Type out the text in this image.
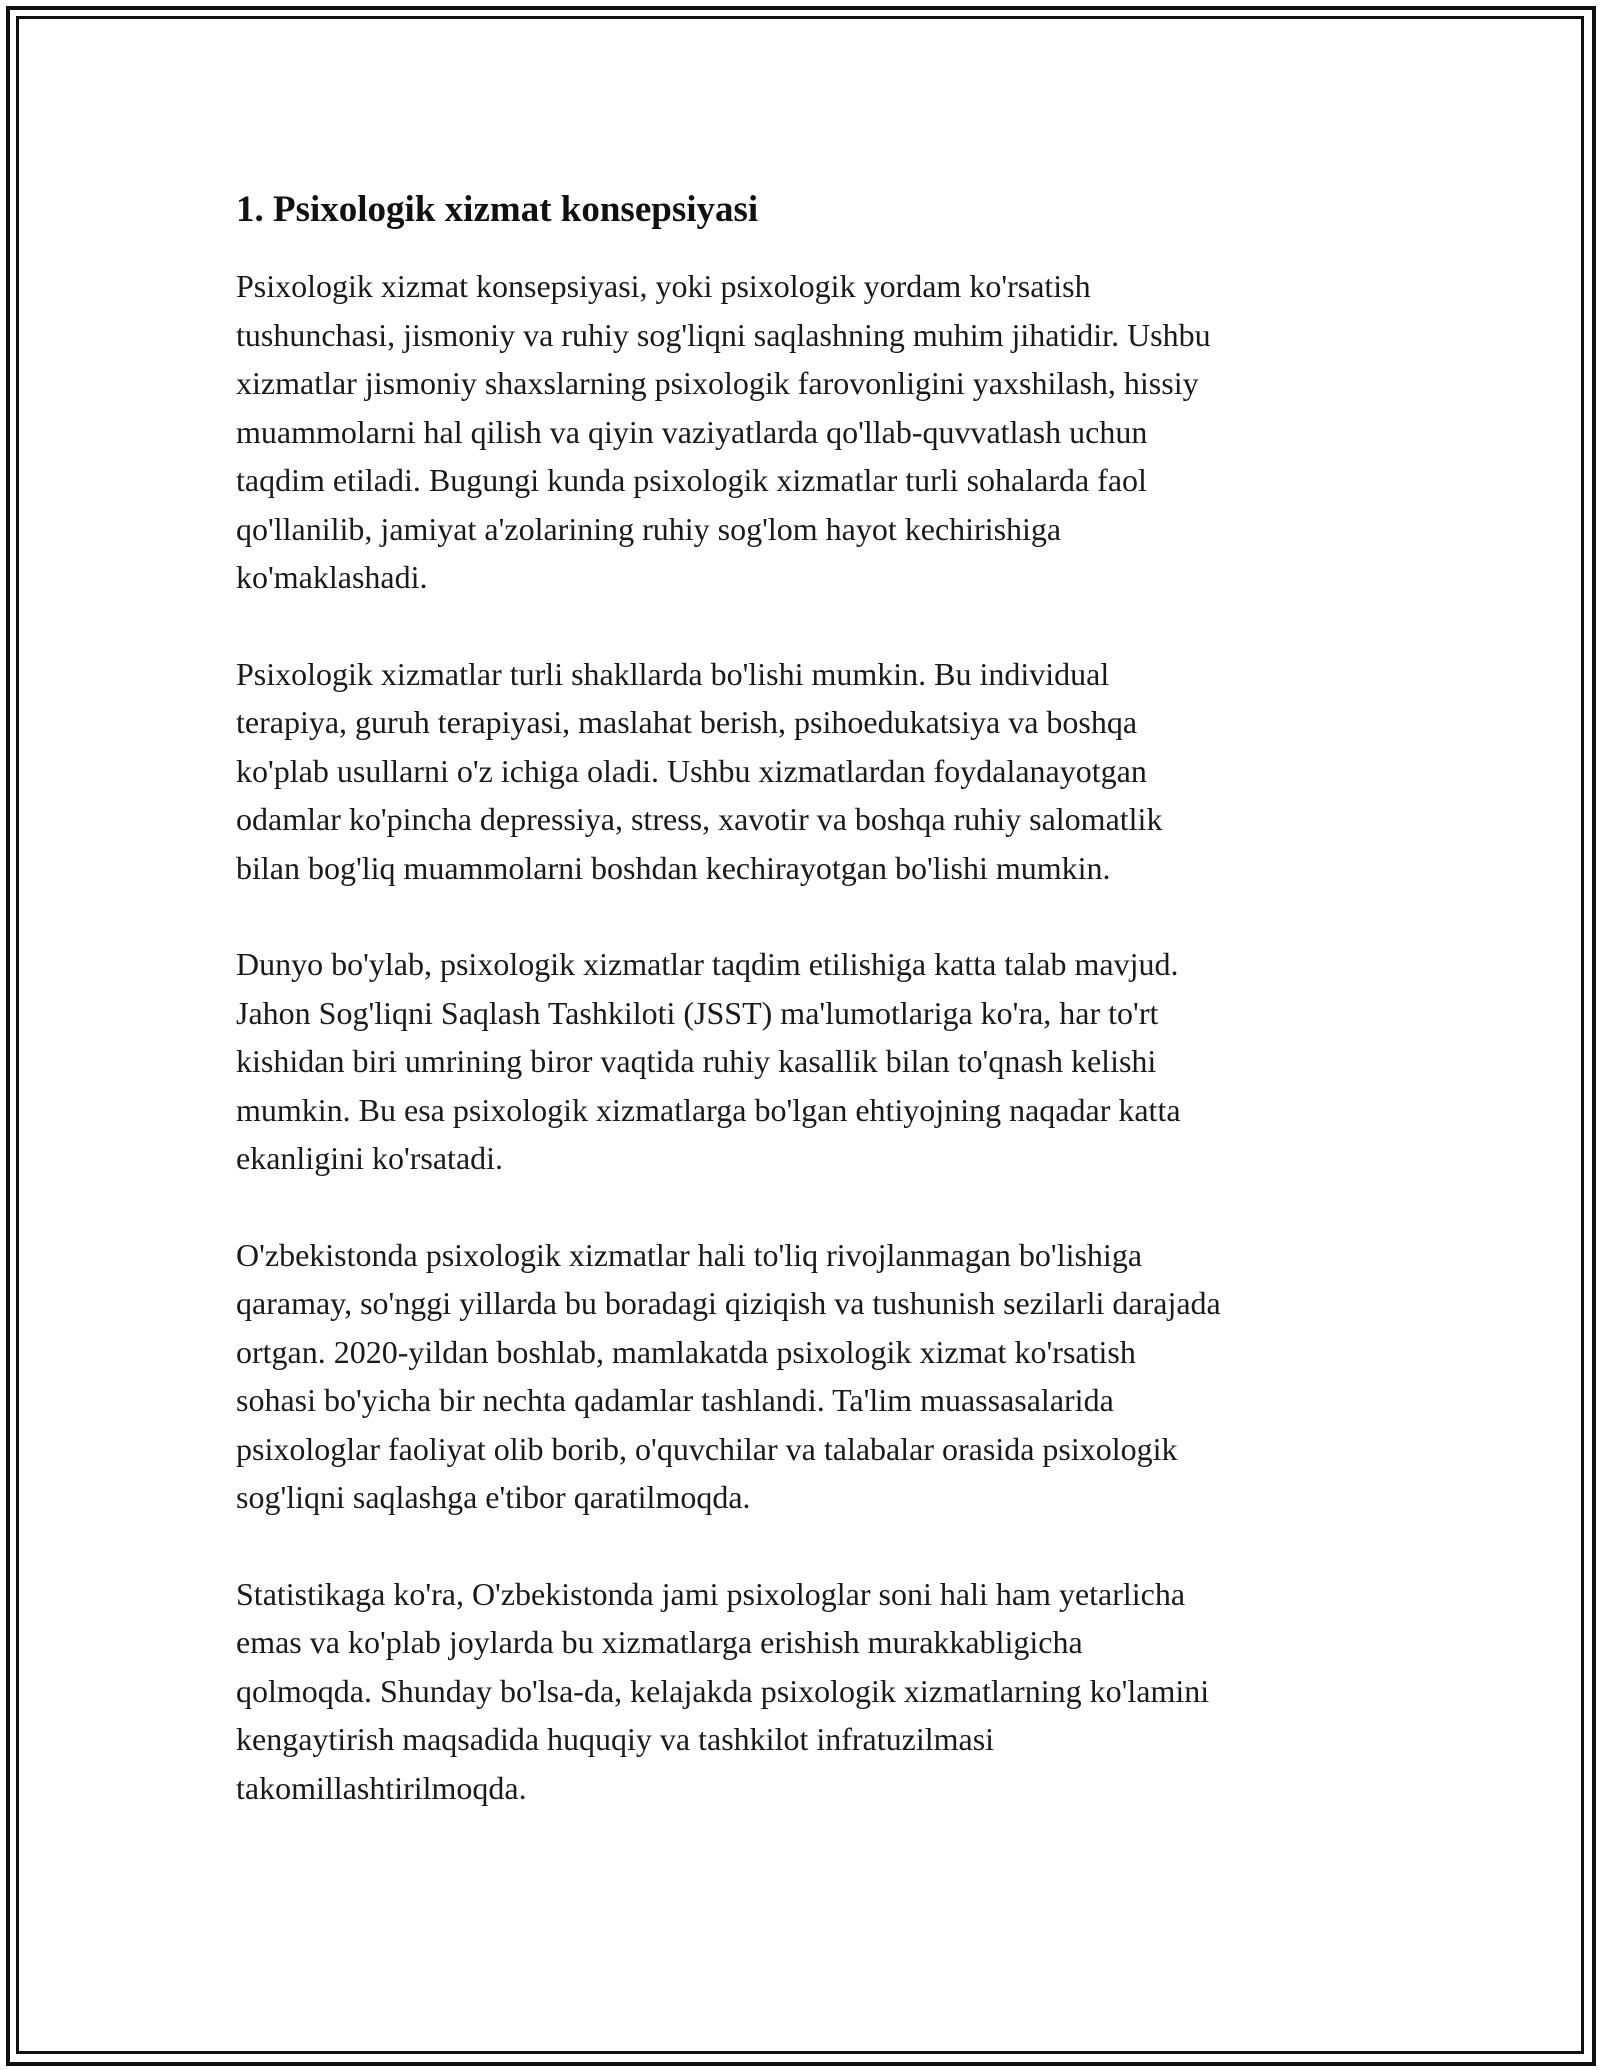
1. Psixologik xizmat konsepsiyasi

Psixologik xizmat konsepsiyasi, yoki psixologik yordam ko'rsatish
tushunchasi, jismoniy va ruhiy sog'liqni saqlashning muhim jihatidir. Ushbu
xizmatlar jismoniy shaxslarning psixologik farovonligini yaxshilash, hissiy
muammolarni hal qilish va qiyin vaziyatlarda qo'llab-quvvatlash uchun
taqdim etiladi. Bugungi kunda psixologik xizmatlar turli sohalarda faol
qo'llanilib, jamiyat a'zolarining ruhiy sog'lom hayot kechirishiga
ko'maklashadi.

Psixologik xizmatlar turli shakllarda bo'lishi mumkin. Bu individual
terapiya, guruh terapiyasi, maslahat berish, psihoedukatsiya va boshqa
ko'plab usullarni o'z ichiga oladi. Ushbu xizmatlardan foydalanayotgan
odamlar ko'pincha depressiya, stress, xavotir va boshqa ruhiy salomatlik
bilan bog'liq muammolarni boshdan kechirayotgan bo'lishi mumkin.

Dunyo bo'ylab, psixologik xizmatlar taqdim etilishiga katta talab mavjud.
Jahon Sog'liqni Saqlash Tashkiloti (JSST) ma'lumotlariga ko'ra, har to'rt
kishidan biri umrining biror vaqtida ruhiy kasallik bilan to'qnash kelishi
mumkin. Bu esa psixologik xizmatlarga bo'lgan ehtiyojning naqadar katta
ekanligini ko'rsatadi.

O'zbekistonda psixologik xizmatlar hali to'liq rivojlanmagan bo'lishiga
qaramay, so'nggi yillarda bu boradagi qiziqish va tushunish sezilarli darajada
ortgan. 2020-yildan boshlab, mamlakatda psixologik xizmat ko'rsatish
sohasi bo'yicha bir nechta qadamlar tashlandi. Ta'lim muassasalarida
psixologlar faoliyat olib borib, o'quvchilar va talabalar orasida psixologik
sog'liqni saqlashga e'tibor qaratilmoqda.

Statistikaga ko'ra, O'zbekistonda jami psixologlar soni hali ham yetarlicha
emas va ko'plab joylarda bu xizmatlarga erishish murakkabligicha
qolmoqda. Shunday bo'lsa-da, kelajakda psixologik xizmatlarning ko'lamini
kengaytirish maqsadida huquqiy va tashkilot infratuzilmasi
takomillashtirilmoqda.
